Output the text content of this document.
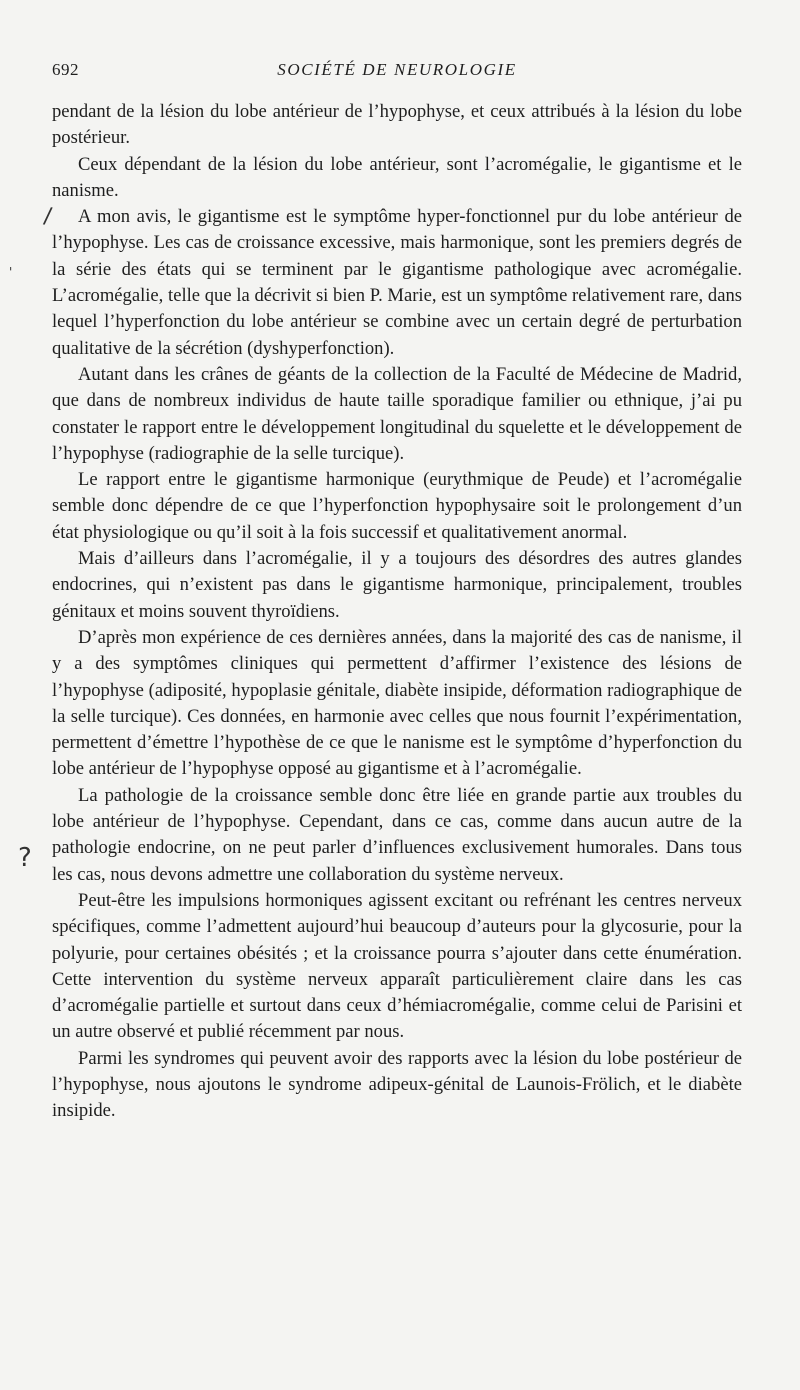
692	SOCIÉTÉ DE NEUROLOGIE
/
'
?

pendant de la lésion du lobe antérieur de l’hypophyse, et ceux attribués à la lésion du lobe postérieur.

Ceux dépendant de la lésion du lobe antérieur, sont l’acromégalie, le gigantisme et le nanisme.

A mon avis, le gigantisme est le symptôme hyper-fonctionnel pur du lobe antérieur de l’hypophyse. Les cas de croissance excessive, mais harmonique, sont les premiers degrés de la série des états qui se terminent par le gigantisme pathologique avec acromégalie. L’acromégalie, telle que la décrivit si bien P. Marie, est un symptôme relativement rare, dans lequel l’hyperfonction du lobe antérieur se combine avec un certain degré de perturbation qualitative de la sécrétion (dyshyperfonction).

Autant dans les crânes de géants de la collection de la Faculté de Médecine de Madrid, que dans de nombreux individus de haute taille sporadique familier ou ethnique, j’ai pu constater le rapport entre le développement longitudinal du squelette et le développement de l’hypophyse (radiographie de la selle turcique).

Le rapport entre le gigantisme harmonique (eurythmique de Peude) et l’acromégalie semble donc dépendre de ce que l’hyperfonction hypophysaire soit le prolongement d’un état physiologique ou qu’il soit à la fois successif et qualitativement anormal.

Mais d’ailleurs dans l’acromégalie, il y a toujours des désordres des autres glandes endocrines, qui n’existent pas dans le gigantisme harmonique, principalement, troubles génitaux et moins souvent thyroïdiens.

D’après mon expérience de ces dernières années, dans la majorité des cas de nanisme, il y a des symptômes cliniques qui permettent d’affirmer l’existence des lésions de l’hypophyse (adiposité, hypoplasie génitale, diabète insipide, déformation radiographique de la selle turcique). Ces données, en harmonie avec celles que nous fournit l’expérimentation, permettent d’émettre l’hypothèse de ce que le nanisme est le symptôme d’hyperfonction du lobe antérieur de l’hypophyse opposé au gigantisme et à l’acromégalie.

La pathologie de la croissance semble donc être liée en grande partie aux troubles du lobe antérieur de l’hypophyse. Cependant, dans ce cas, comme dans aucun autre de la pathologie endocrine, on ne peut parler d’influences exclusivement humorales. Dans tous les cas, nous devons admettre une collaboration du système nerveux.

Peut-être les impulsions hormoniques agissent excitant ou refrénant les centres nerveux spécifiques, comme l’admettent aujourd’hui beaucoup d’auteurs pour la glycosurie, pour la polyurie, pour certaines obésités ; et la croissance pourra s’ajouter dans cette énumération. Cette intervention du système nerveux apparaît particulièrement claire dans les cas d’acromégalie partielle et surtout dans ceux d’hémiacromégalie, comme celui de Parisini et un autre observé et publié récemment par nous.

Parmi les syndromes qui peuvent avoir des rapports avec la lésion du lobe postérieur de l’hypophyse, nous ajoutons le syndrome adipeux-génital de Launois-Frölich, et le diabète insipide.
